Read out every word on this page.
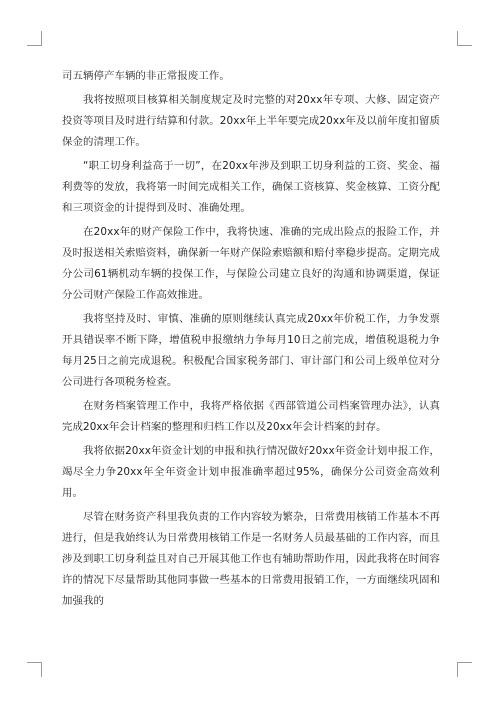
司五辆停产车辆的非正常报废工作。

我将按照项目核算相关制度规定及时完整的对20xx年专项、大修、固定资产投资等项目及时进行结算和付款。20xx年上半年要完成20xx年及以前年度扣留质保金的清理工作。

“职工切身利益高于一切”，在20xx年涉及到职工切身利益的工资、奖金、福利费等的发放，我将第一时间完成相关工作，确保工资核算、奖金核算、工资分配和三项资金的计提得到及时、准确处理。

在20xx年的财产保险工作中，我将快速、准确的完成出险点的报险工作，并及时报送相关索赔资料，确保新一年财产保险索赔额和赔付率稳步提高。定期完成分公司61辆机动车辆的投保工作，与保险公司建立良好的沟通和协调渠道，保证分公司财产保险工作高效推进。

我将坚持及时、审慎、准确的原则继续认真完成20xx年价税工作，力争发票开具错误率不断下降，增值税申报缴纳力争每月10日之前完成，增值税退税力争每月25日之前完成退税。积极配合国家税务部门、审计部门和公司上级单位对分公司进行各项税务检查。

在财务档案管理工作中，我将严格依据《西部管道公司档案管理办法》，认真完成20xx年会计档案的整理和归档工作以及20xx年会计档案的封存。

我将依据20xx年资金计划的申报和执行情况做好20xx年资金计划申报工作，竭尽全力争20xx年全年资金计划申报准确率超过95%，确保分公司资金高效利用。

尽管在财务资产科里我负责的工作内容较为繁杂，日常费用核销工作基本不再进行，但是我始终认为日常费用核销工作是一名财务人员最基础的工作内容，而且涉及到职工切身利益且对自己开展其他工作也有辅助帮助作用，因此我将在时间容许的情况下尽量帮助其他同事做一些基本的日常费用报销工作，一方面继续巩固和加强我的
